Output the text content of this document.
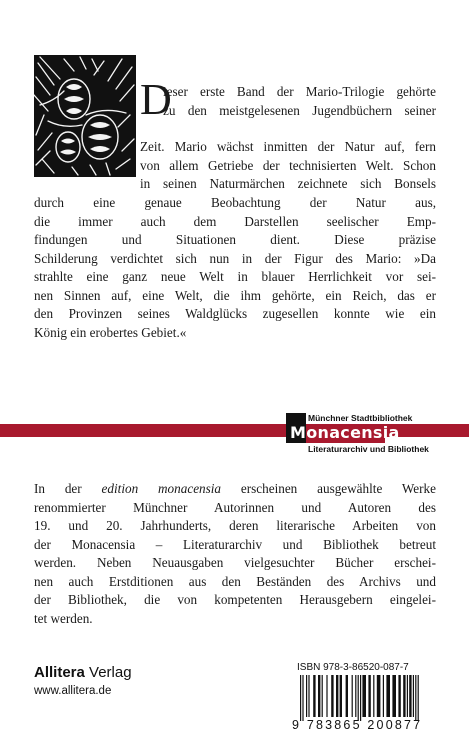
D
ieser erste Band der Mario-Trilogie gehörte
zu den meistgelesenen Jugendbüchern seiner
Zeit. Mario wächst inmitten der Natur auf, fern
von allem Getriebe der technisierten Welt. Schon
in seinen Naturmärchen zeichnete sich Bonsels
durch eine genaue Beobachtung der Natur aus,
die immer auch dem Darstellen seelischer Emp-
findungen und Situationen dient. Diese präzise
Schilderung verdichtet sich nun in der Figur des Mario: »Da
strahlte eine ganz neue Welt in blauer Herrlichkeit vor sei-
nen Sinnen auf, eine Welt, die ihm gehörte, ein Reich, das er
den Provinzen seines Waldglücks zugesellen konnte wie ein
König ein erobertes Gebiet.«
Münchner Stadtbibliothek
Monacensia
Literaturarchiv und Bibliothek
In der edition monacensia erscheinen ausgewählte Werke
renommierter Münchner Autorinnen und Autoren des
19. und 20. Jahrhunderts, deren literarische Arbeiten von
der Monacensia – Literaturarchiv und Bibliothek betreut
werden. Neben Neuausgaben vielgesuchter Bücher erschei-
nen auch Erstditionen aus den Beständen des Archivs und
der Bibliothek, die von kompetenten Herausgebern eingelei-
tet werden.
Allitera Verlag
www.allitera.de
ISBN 978-3-86520-087-7
9 783865 200877
